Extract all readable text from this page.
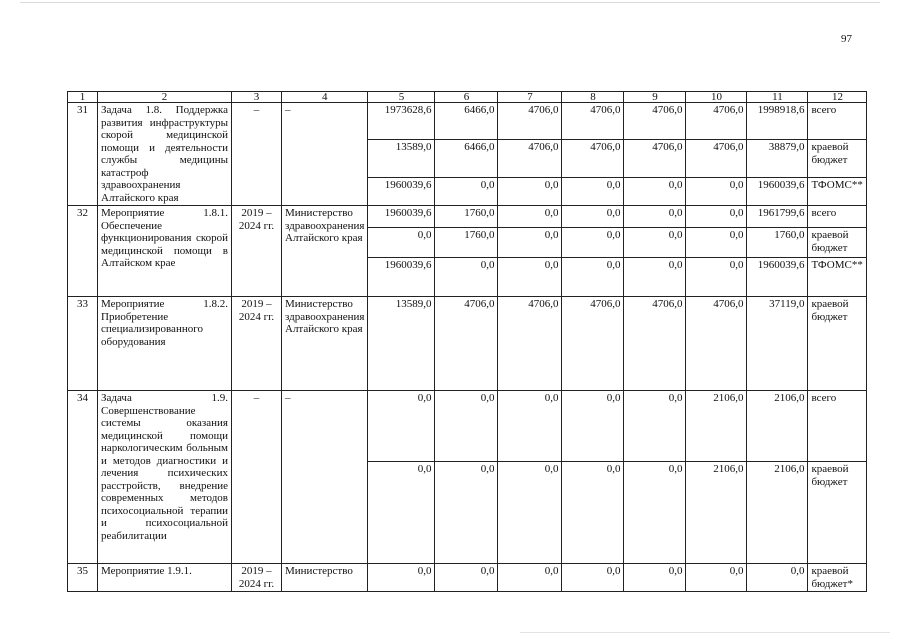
97
1	2	3	4	5	6	7	8	9	10	11	12
31	Задача 1.8. Поддержка развития инфраструктуры скорой медицинской помощи и деятельности службы медицины катастроф здравоохранения Алтайского края	–	–	1973628,6	6466,0	4706,0	4706,0	4706,0	4706,0	1998918,6	всего
				13589,0	6466,0	4706,0	4706,0	4706,0	4706,0	38879,0	краевой бюджет
				1960039,6	0,0	0,0	0,0	0,0	0,0	1960039,6	ТФОМС**
32	Мероприятие 1.8.1. Обеспечение функционирования скорой медицинской помощи в Алтайском крае	2019 – 2024 гг.	Министерство здравоохранения Алтайского края	1960039,6	1760,0	0,0	0,0	0,0	0,0	1961799,6	всего
				0,0	1760,0	0,0	0,0	0,0	0,0	1760,0	краевой бюджет
				1960039,6	0,0	0,0	0,0	0,0	0,0	1960039,6	ТФОМС**
33	Мероприятие 1.8.2. Приобретение специализированного оборудования	2019 – 2024 гг.	Министерство здравоохранения Алтайского края	13589,0	4706,0	4706,0	4706,0	4706,0	4706,0	37119,0	краевой бюджет
34	Задача 1.9. Совершенствование системы оказания медицинской помощи наркологическим больным и методов диагностики и лечения психических расстройств, внедрение современных методов психосоциальной терапии и психосоциальной реабилитации	–	–	0,0	0,0	0,0	0,0	0,0	2106,0	2106,0	всего
				0,0	0,0	0,0	0,0	0,0	2106,0	2106,0	краевой бюджет
35	Мероприятие 1.9.1.	2019 – 2024 гг.	Министерство	0,0	0,0	0,0	0,0	0,0	0,0	0,0	краевой бюджет*
